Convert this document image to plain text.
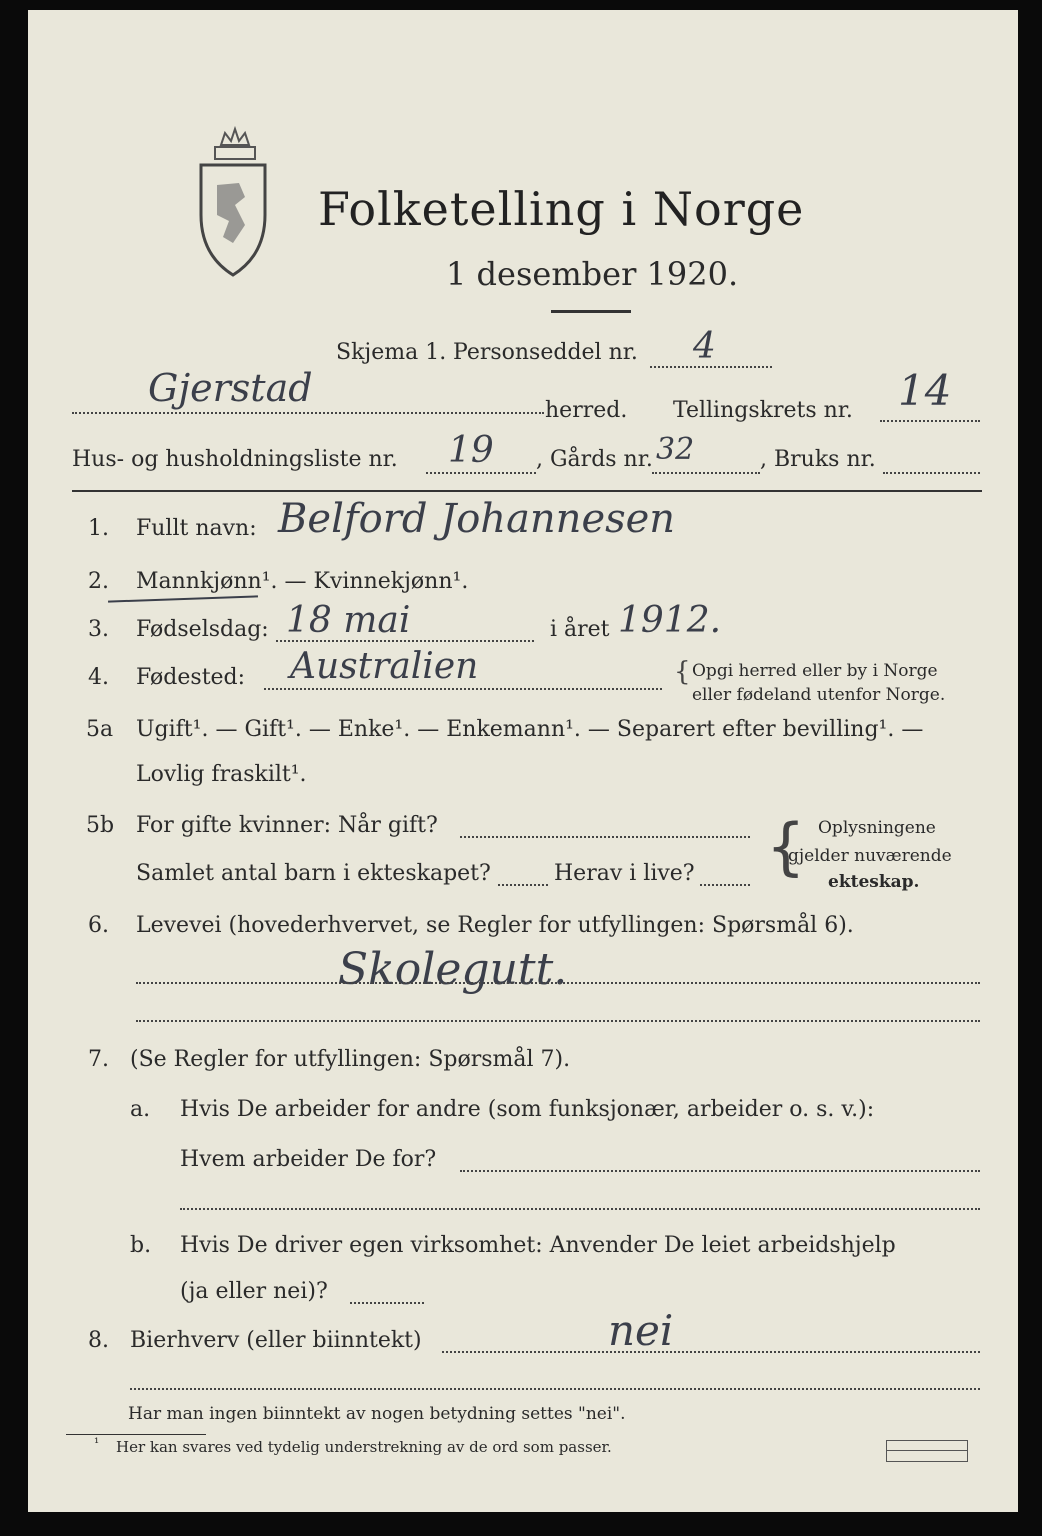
Folketelling i Norge
1 desember 1920.
Skjema 1. Personseddel nr. 4
Gjerstad
herred. Tellingskrets nr. 14
Hus- og husholdningsliste nr. 19 , Gårds nr. 32	, Bruks nr.
1. Fullt navn: Belford Johannesen
2. Mannkjønn¹. — Kvinnekjønn¹.
3. Fødselsdag: 18 mai	i året 1912.
4. Fødested: Australien	{ Opgi herred eller by i Norge
eller fødeland utenfor Norge.
5a Ugift¹. — Gift¹. — Enke¹. — Enkemann¹. — Separert efter bevilling¹. —
Lovlig fraskilt¹.
5b For gifte kvinner: Når gift?
Samlet antal barn i ekteskapet?	Herav i live? { Oplysningene
gjelder nuværende
ekteskap.
6. Levevei (hovederhvervet, se Regler for utfyllingen: Spørsmål 6).
Skolegutt.
7. (Se Regler for utfyllingen: Spørsmål 7).
a. Hvis De arbeider for andre (som funksjonær, arbeider o. s. v.):
Hvem arbeider De for?
b. Hvis De driver egen virksomhet: Anvender De leiet arbeidshjelp
(ja eller nei)?
8. Bierhverv (eller biinntekt)	nei
Har man ingen biinntekt av nogen betydning settes "nei".
¹ Her kan svares ved tydelig understrekning av de ord som passer.
